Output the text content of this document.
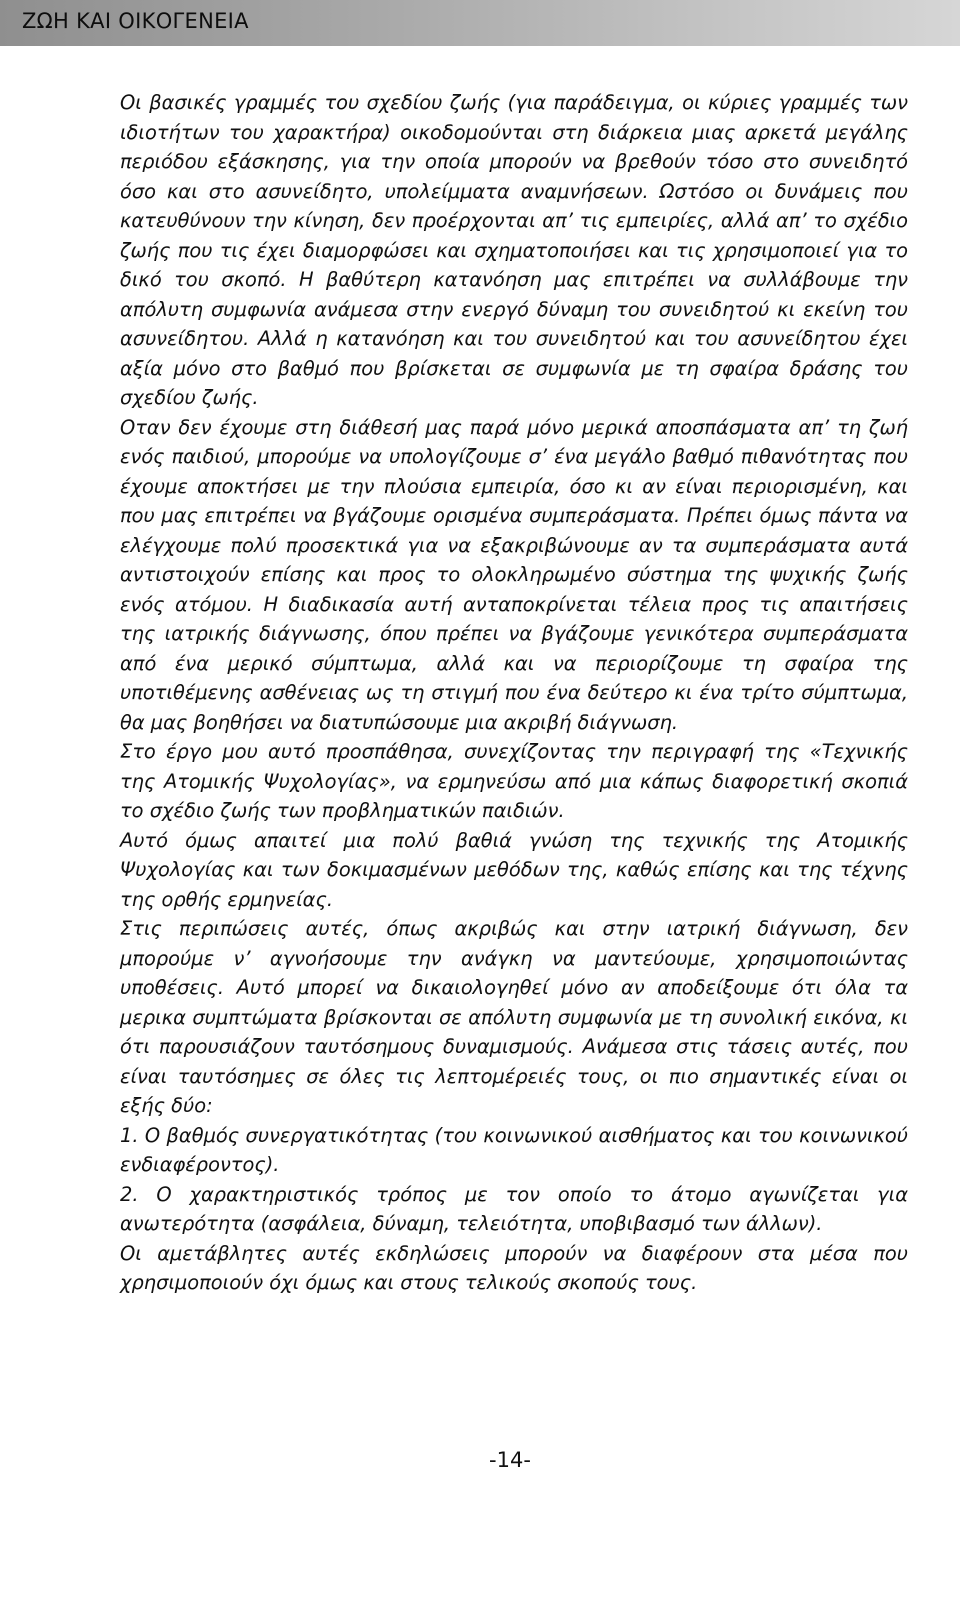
ΖΩΗ ΚΑΙ ΟΙΚΟΓΕΝΕΙΑ

Οι βασικές γραμμές του σχεδίου ζωής (για παράδειγμα, οι κύριες γραμμές των ιδιοτήτων του χαρακτήρα) οικοδομούνται στη διάρκεια μιας αρκετά μεγάλης περιόδου εξάσκησης, για την οποία μπορούν να βρεθούν τόσο στο συνειδητό όσο και στο ασυνείδητο, υπολείμματα αναμνήσεων. Ωστόσο οι δυνάμεις που κατευθύνουν την κίνηση, δεν προέρχονται απ’ τις εμπειρίες, αλλά απ’ το σχέδιο ζωής που τις έχει διαμορφώσει και σχηματοποιήσει και τις χρησιμοποιεί για το δικό του σκοπό. Η βαθύτερη κατανόηση μας επιτρέπει να συλλάβουμε την απόλυτη συμφωνία ανάμεσα στην ενεργό δύναμη του συνειδητού κι εκείνη του ασυνείδητου. Αλλά η κατανόηση και του συνειδητού και του ασυνείδητου έχει αξία μόνο στο βαθμό που βρίσκεται σε συμφωνία με τη σφαίρα δράσης του σχεδίου ζωής.

Οταν δεν έχουμε στη διάθεσή μας παρά μόνο μερικά αποσπάσματα απ’ τη ζωή ενός παιδιού, μπορούμε να υπολογίζουμε σ’ ένα μεγάλο βαθμό πιθανότητας που έχουμε αποκτήσει με την πλούσια εμπειρία, όσο κι αν είναι περιορισμένη, και που μας επιτρέπει να βγάζουμε ορισμένα συμπεράσματα. Πρέπει όμως πάντα να ελέγχουμε πολύ προσεκτικά για να εξακριβώνουμε αν τα συμπεράσματα αυτά αντιστοιχούν επίσης και προς το ολοκληρωμένο σύστημα της ψυχικής ζωής ενός ατόμου. Η διαδικασία αυτή ανταποκρίνεται τέλεια προς τις απαιτήσεις της ιατρικής διάγνωσης, όπου πρέπει να βγάζουμε γενικότερα συμπεράσματα από ένα μερικό σύμπτωμα, αλλά και να περιορίζουμε τη σφαίρα της υποτιθέμενης ασθένειας ως τη στιγμή που ένα δεύτερο κι ένα τρίτο σύμπτωμα, θα μας βοηθήσει να διατυπώσουμε μια ακριβή διάγνωση.

Στο έργο μου αυτό προσπάθησα, συνεχίζοντας την περιγραφή της «Τεχνικής της Ατομικής Ψυχολογίας», να ερμηνεύσω από μια κάπως διαφορετική σκοπιά το σχέδιο ζωής των προβληματικών παιδιών.

Αυτό όμως απαιτεί μια πολύ βαθιά γνώση της τεχνικής της Ατομικής Ψυχολογίας και των δοκιμασμένων μεθόδων της, καθώς επίσης και της τέχνης της ορθής ερμηνείας.

Στις περιπώσεις αυτές, όπως ακριβώς και στην ιατρική διάγνωση, δεν μπορούμε ν’ αγνοήσουμε την ανάγκη να μαντεύουμε, χρησιμοποιώντας υποθέσεις. Αυτό μπορεί να δικαιολογηθεί μόνο αν αποδείξουμε ότι όλα τα μερικα συμπτώματα βρίσκονται σε απόλυτη συμφωνία με τη συνολική εικόνα, κι ότι παρουσιάζουν ταυτόσημους δυναμισμούς. Ανάμεσα στις τάσεις αυτές, που είναι ταυτόσημες σε όλες τις λεπτομέρειές τους, οι πιο σημαντικές είναι οι εξής δύο:

1. Ο βαθμός συνεργατικότητας (του κοινωνικού αισθήματος και του κοινωνικού ενδιαφέροντος).

2. Ο χαρακτηριστικός τρόπος με τον οποίο το άτομο αγωνίζεται για ανωτερότητα (ασφάλεια, δύναμη, τελειότητα, υποβιβασμό των άλλων).

Οι αμετάβλητες αυτές εκδηλώσεις μπορούν να διαφέρουν στα μέσα που χρησιμοποιούν όχι όμως και στους τελικούς σκοπούς τους.

-14-
